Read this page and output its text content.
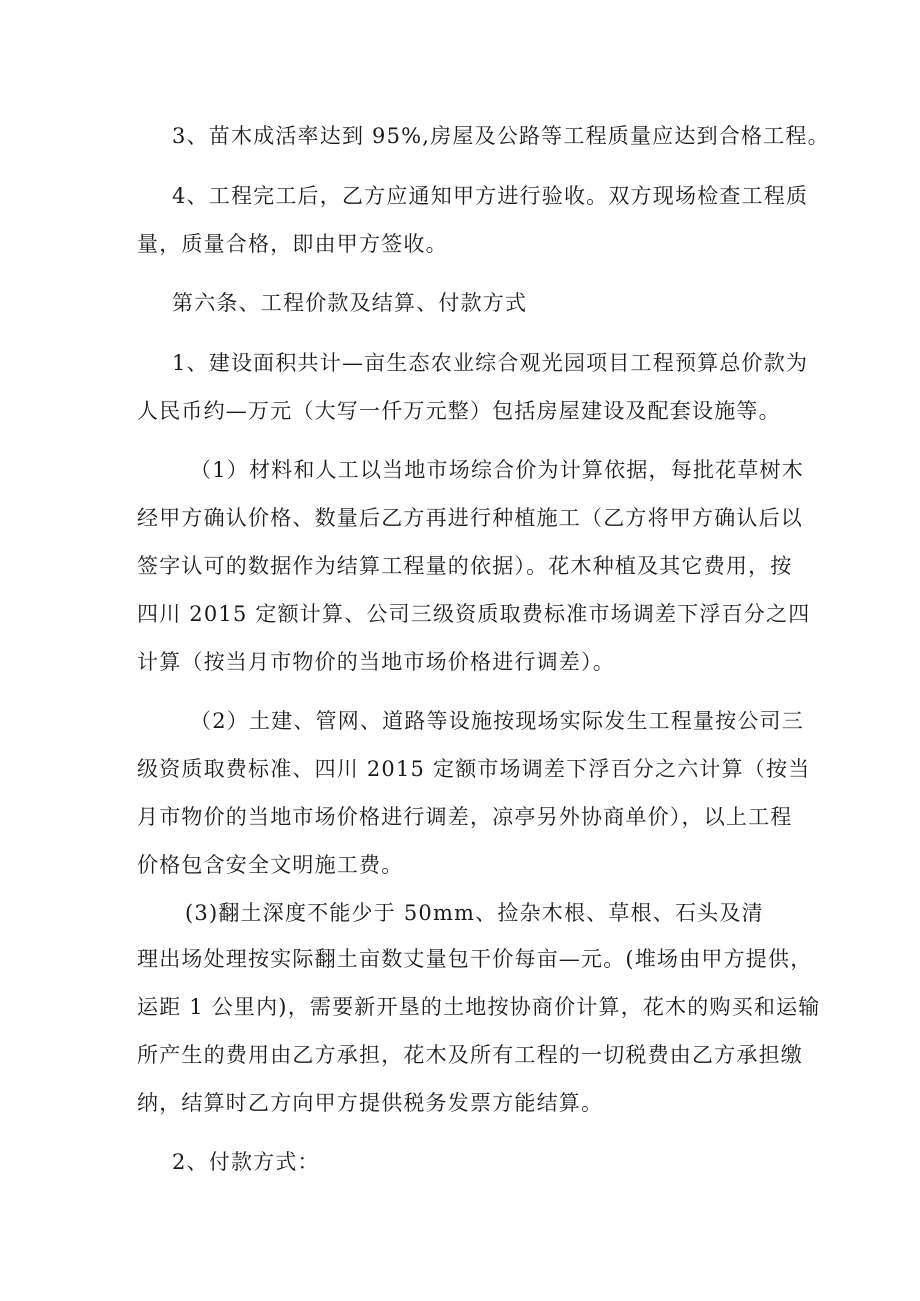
3、苗木成活率达到 95%,房屋及公路等工程质量应达到合格工程。
4、工程完工后，乙方应通知甲方进行验收。双方现场检查工程质
量，质量合格，即由甲方签收。
第六条、工程价款及结算、付款方式
1、建设面积共计—亩生态农业综合观光园项目工程预算总价款为
人民币约—万元（大写一仟万元整）包括房屋建设及配套设施等。
（1）材料和人工以当地市场综合价为计算依据，每批花草树木
经甲方确认价格、数量后乙方再进行种植施工（乙方将甲方确认后以
签字认可的数据作为结算工程量的依据）。花木种植及其它费用，按
四川 2015 定额计算、公司三级资质取费标准市场调差下浮百分之四
计算（按当月市物价的当地市场价格进行调差）。
（2）土建、管网、道路等设施按现场实际发生工程量按公司三
级资质取费标准、四川 2015 定额市场调差下浮百分之六计算（按当
月市物价的当地市场价格进行调差，凉亭另外协商单价），以上工程
价格包含安全文明施工费。
(3)翻土深度不能少于 50mm、捡杂木根、草根、石头及清
理出场处理按实际翻土亩数丈量包干价每亩—元。(堆场由甲方提供，
运距 1 公里内)，需要新开垦的土地按协商价计算，花木的购买和运输
所产生的费用由乙方承担，花木及所有工程的一切税费由乙方承担缴
纳，结算时乙方向甲方提供税务发票方能结算。
2、付款方式：
